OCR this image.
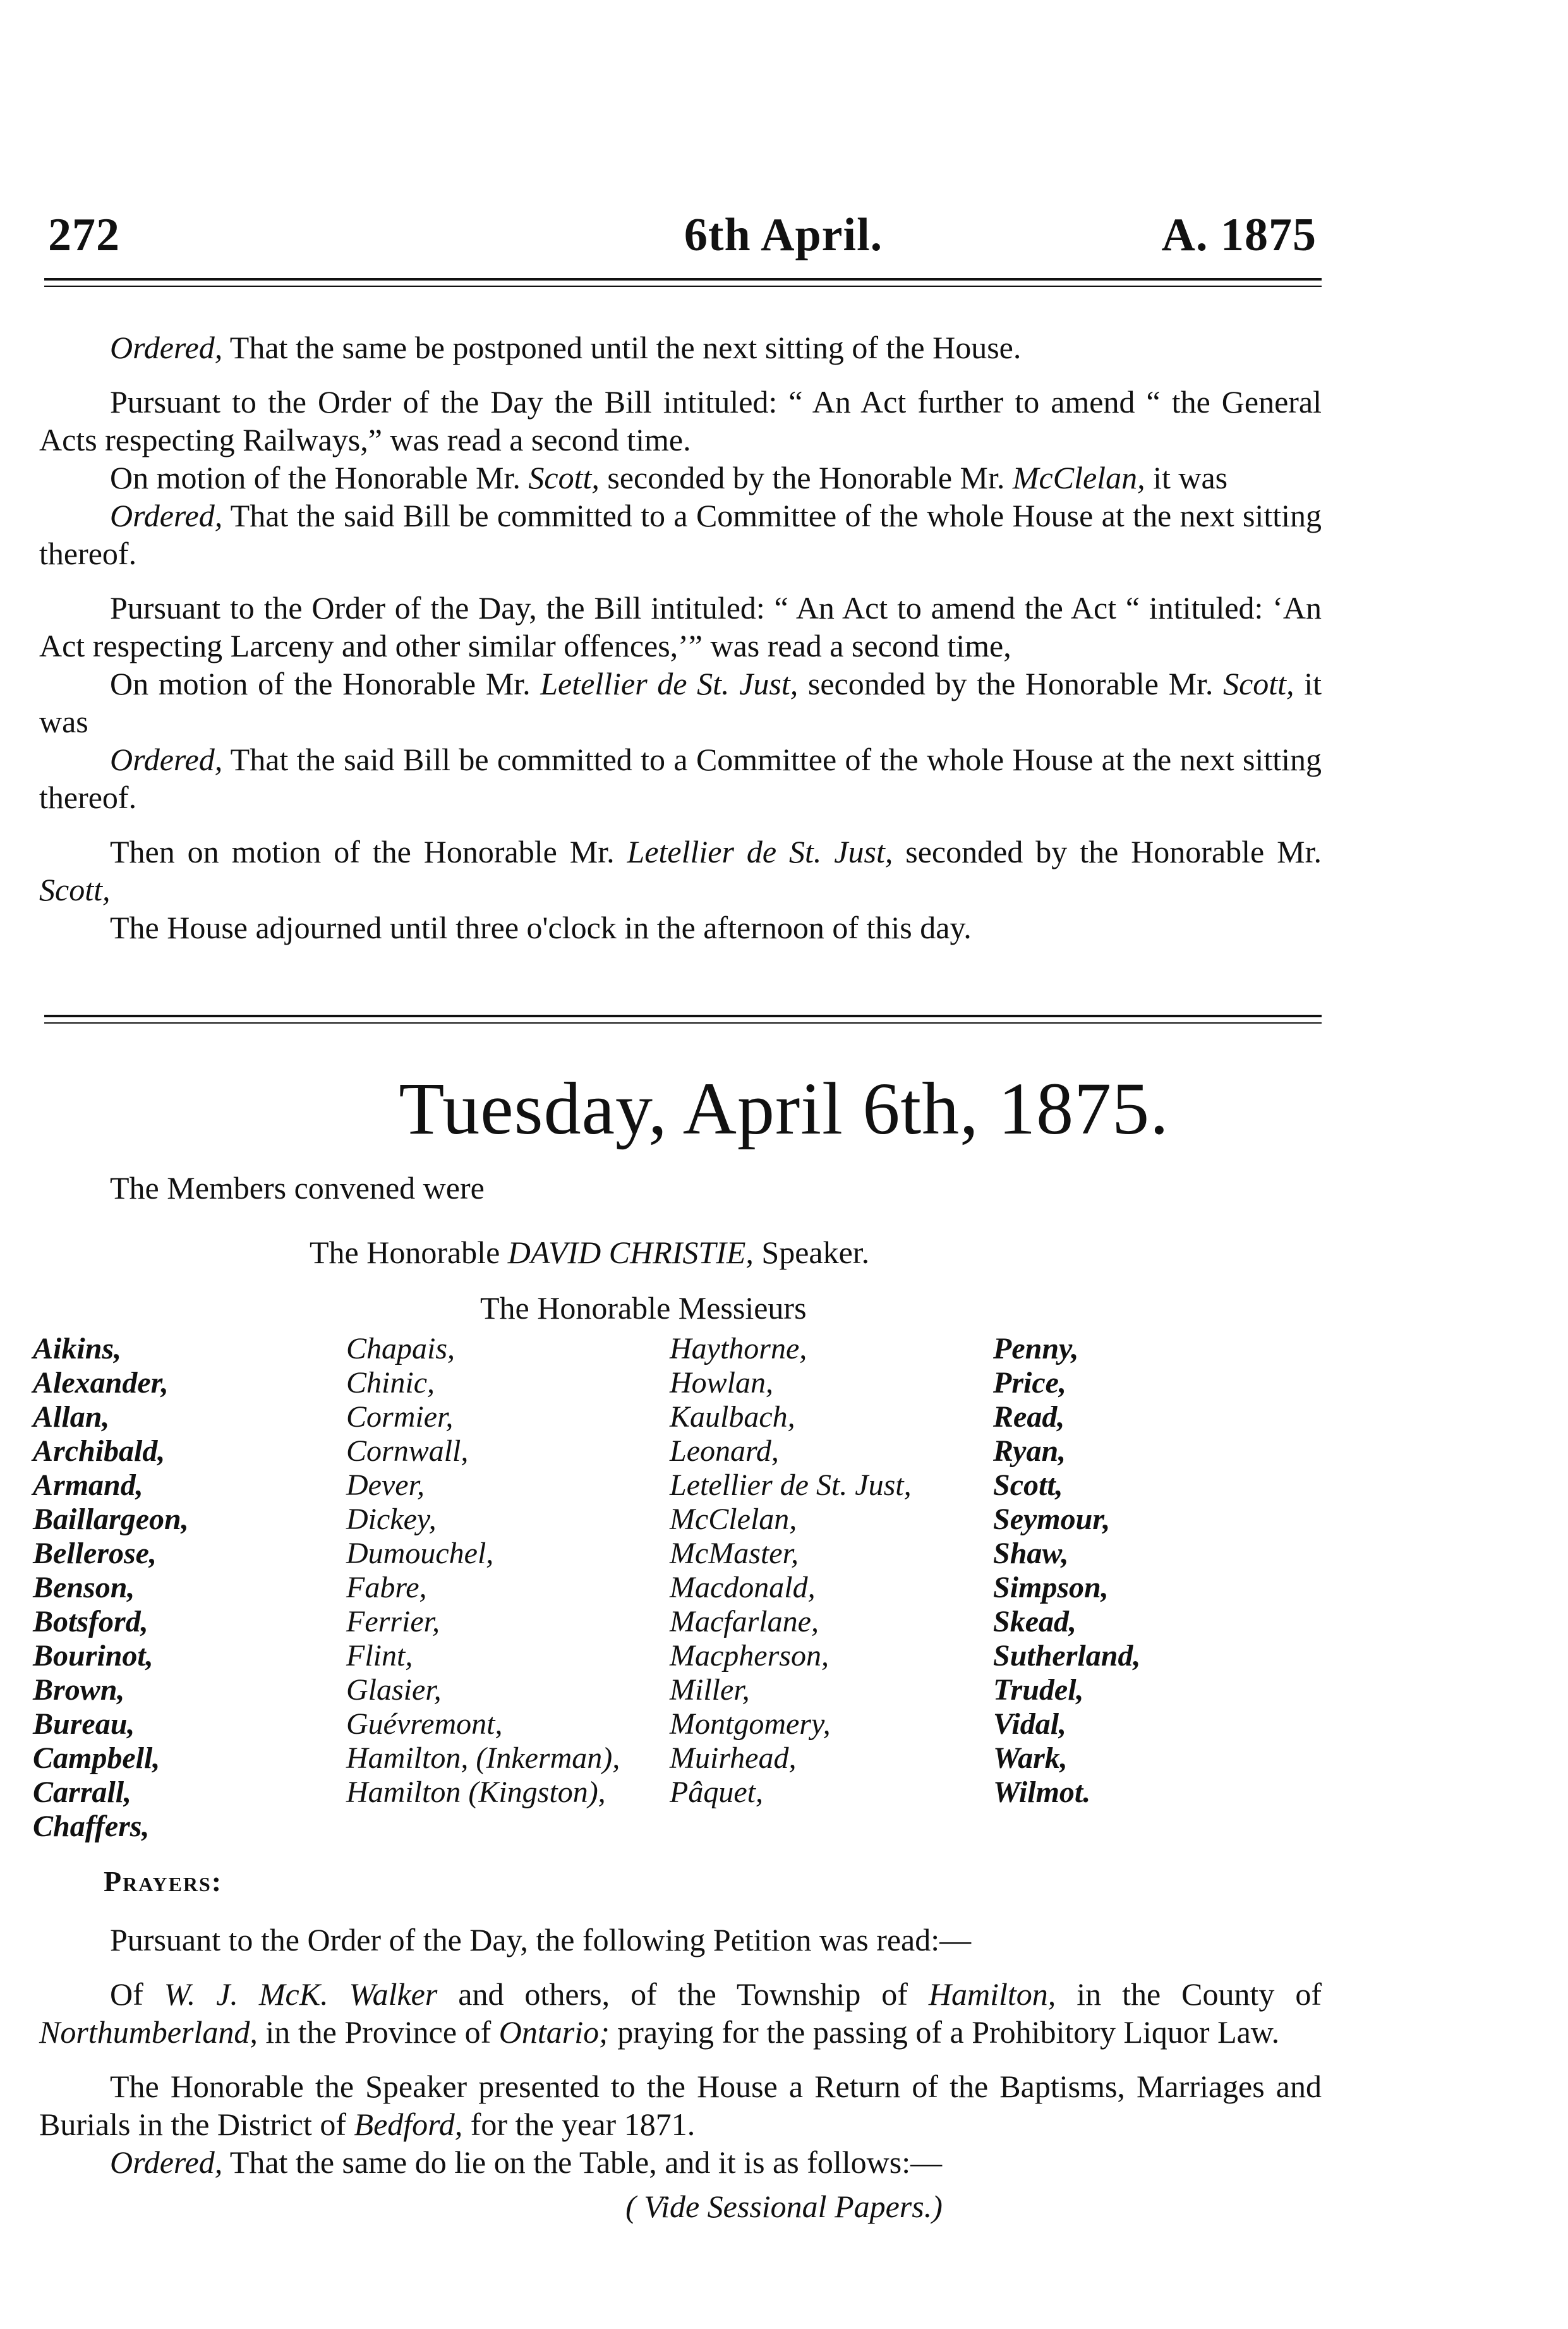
272	6th April.	A. 1875

Ordered, That the same be postponed until the next sitting of the House.

Pursuant to the Order of the Day the Bill intituled: “ An Act further to amend “ the General Acts respecting Railways,” was read a second time.

On motion of the Honorable Mr. Scott, seconded by the Honorable Mr. McClelan, it was

Ordered, That the said Bill be committed to a Committee of the whole House at the next sitting thereof.

Pursuant to the Order of the Day, the Bill intituled: “ An Act to amend the Act “ intituled: ‘An Act respecting Larceny and other similar offences,’” was read a second time,

On motion of the Honorable Mr. Letellier de St. Just, seconded by the Honorable Mr. Scott, it was

Ordered, That the said Bill be committed to a Committee of the whole House at the next sitting thereof.

Then on motion of the Honorable Mr. Letellier de St. Just, seconded by the Honorable Mr. Scott,

The House adjourned until three o'clock in the afternoon of this day.

Tuesday, April 6th, 1875.
The Members convened were
The Honorable DAVID CHRISTIE, Speaker.
The Honorable Messieurs
Aikins,
Alexander,
Allan,
Archibald,
Armand,
Baillargeon,
Bellerose,
Benson,
Botsford,
Bourinot,
Brown,
Bureau,
Campbell,
Carrall,
Chaffers,
Chapais,
Chinic,
Cormier,
Cornwall,
Dever,
Dickey,
Dumouchel,
Fabre,
Ferrier,
Flint,
Glasier,
Guévremont,
Hamilton, (Inkerman),
Hamilton (Kingston),
Haythorne,
Howlan,
Kaulbach,
Leonard,
Letellier de St. Just,
McClelan,
McMaster,
Macdonald,
Macfarlane,
Macpherson,
Miller,
Montgomery,
Muirhead,
Pâquet,
Penny,
Price,
Read,
Ryan,
Scott,
Seymour,
Shaw,
Simpson,
Skead,
Sutherland,
Trudel,
Vidal,
Wark,
Wilmot.
Prayers:

Pursuant to the Order of the Day, the following Petition was read:—

Of W. J. McK. Walker and others, of the Township of Hamilton, in the County of Northumberland, in the Province of Ontario; praying for the passing of a Prohibitory Liquor Law.

The Honorable the Speaker presented to the House a Return of the Baptisms, Marriages and Burials in the District of Bedford, for the year 1871.

Ordered, That the same do lie on the Table, and it is as follows:—

( Vide Sessional Papers.)
